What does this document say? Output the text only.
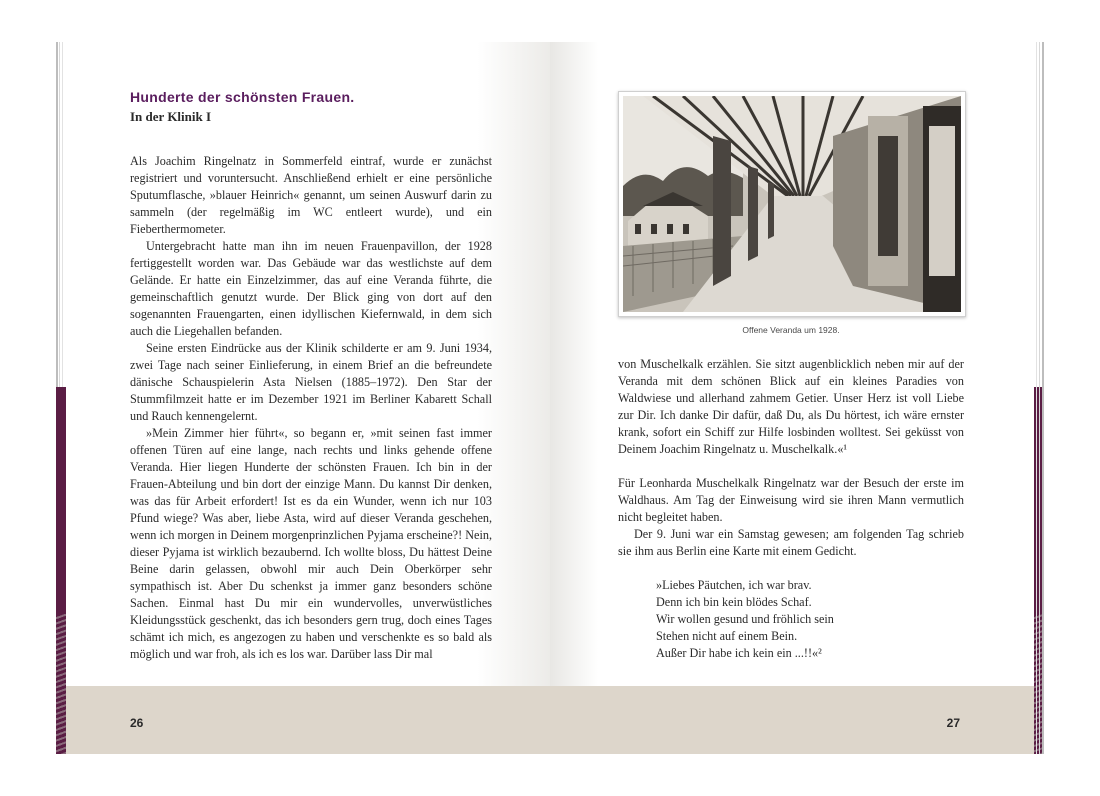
Hunderte der schönsten Frauen.
In der Klinik I

Als Joachim Ringelnatz in Sommerfeld eintraf, wurde er zunächst registriert und voruntersucht. Anschließend erhielt er eine persönliche Sputumflasche, »blauer Heinrich« genannt, um seinen Auswurf darin zu sammeln (der regelmäßig im WC entleert wurde), und ein Fieberthermometer.

Untergebracht hatte man ihn im neuen Frauenpavillon, der 1928 fertiggestellt worden war. Das Gebäude war das westlichste auf dem Gelände. Er hatte ein Einzelzimmer, das auf eine Veranda führte, die gemeinschaftlich genutzt wurde. Der Blick ging von dort auf den sogenannten Frauengarten, einen idyllischen Kiefernwald, in dem sich auch die Liegehallen befanden.

Seine ersten Eindrücke aus der Klinik schilderte er am 9. Juni 1934, zwei Tage nach seiner Einlieferung, in einem Brief an die befreundete dänische Schauspielerin Asta Nielsen (1885–1972). Den Star der Stummfilmzeit hatte er im Dezember 1921 im Berliner Kabarett Schall und Rauch kennengelernt.

»Mein Zimmer hier führt«, so begann er, »mit seinen fast immer offenen Türen auf eine lange, nach rechts und links gehende offene Veranda. Hier liegen Hunderte der schönsten Frauen. Ich bin in der Frauen-Abteilung und bin dort der einzige Mann. Du kannst Dir denken, was das für Arbeit erfordert! Ist es da ein Wunder, wenn ich nur 103 Pfund wiege? Was aber, liebe Asta, wird auf dieser Veranda geschehen, wenn ich morgen in Deinem morgenprinzlichen Pyjama erscheine?! Nein, dieser Pyjama ist wirklich bezaubernd. Ich wollte bloss, Du hättest Deine Beine darin gelassen, obwohl mir auch Dein Oberkörper sehr sympathisch ist. Aber Du schenkst ja immer ganz besonders schöne Sachen. Einmal hast Du mir ein wundervolles, unverwüstliches Kleidungsstück geschenkt, das ich besonders gern trug, doch eines Tages schämt ich mich, es angezogen zu haben und verschenkte es so bald als möglich und war froh, als ich es los war. Darüber lass Dir mal

26
Offene Veranda um 1928.

von Muschelkalk erzählen. Sie sitzt augenblicklich neben mir auf der Veranda mit dem schönen Blick auf ein kleines Paradies von Waldwiese und allerhand zahmem Getier. Unser Herz ist voll Liebe zur Dir. Ich danke Dir dafür, daß Du, als Du hörtest, ich wäre ernster krank, sofort ein Schiff zur Hilfe losbinden wolltest. Sei geküsst von Deinem Joachim Ringelnatz u. Muschelkalk.«¹

Für Leonharda Muschelkalk Ringelnatz war der Besuch der erste im Waldhaus. Am Tag der Einweisung wird sie ihren Mann vermutlich nicht begleitet haben.

Der 9. Juni war ein Samstag gewesen; am folgenden Tag schrieb sie ihm aus Berlin eine Karte mit einem Gedicht.

»Liebes Päutchen, ich war brav.
Denn ich bin kein blödes Schaf.
Wir wollen gesund und fröhlich sein
Stehen nicht auf einem Bein.
Außer Dir habe ich kein ein ...!!«²
27
